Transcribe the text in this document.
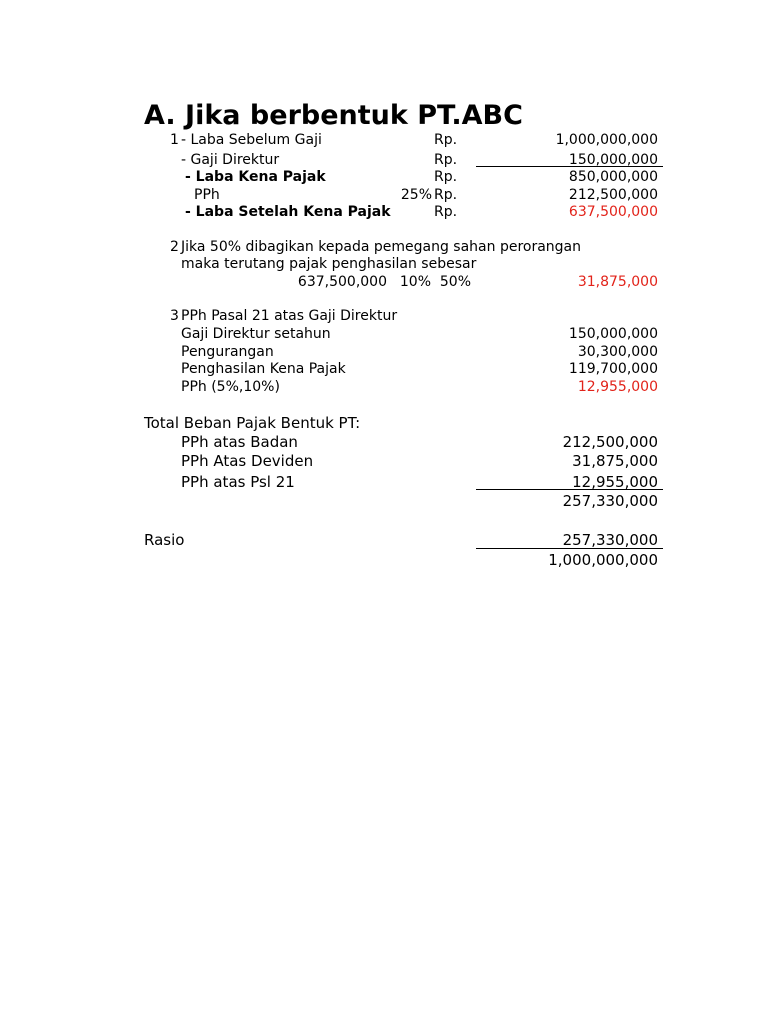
A. Jika berbentuk PT.ABC
1 - Laba Sebelum Gaji	Rp.	1,000,000,000
- Gaji Direktur	Rp.	150,000,000
- Laba Kena Pajak	Rp.	850,000,000
PPh	25% Rp.	212,500,000
- Laba Setelah Kena Pajak	Rp.	637,500,000
2 Jika 50% dibagikan kepada pemegang sahan perorangan
maka terutang pajak penghasilan sebesar
637,500,000 10% 50%	31,875,000
3 PPh Pasal 21 atas Gaji Direktur
Gaji Direktur setahun	150,000,000
Pengurangan	30,300,000
Penghasilan Kena Pajak	119,700,000
PPh (5%,10%)	12,955,000
Total Beban Pajak Bentuk PT:
PPh atas Badan	212,500,000
PPh Atas Deviden	31,875,000
PPh atas Psl 21	12,955,000
257,330,000
Rasio	257,330,000
1,000,000,000
